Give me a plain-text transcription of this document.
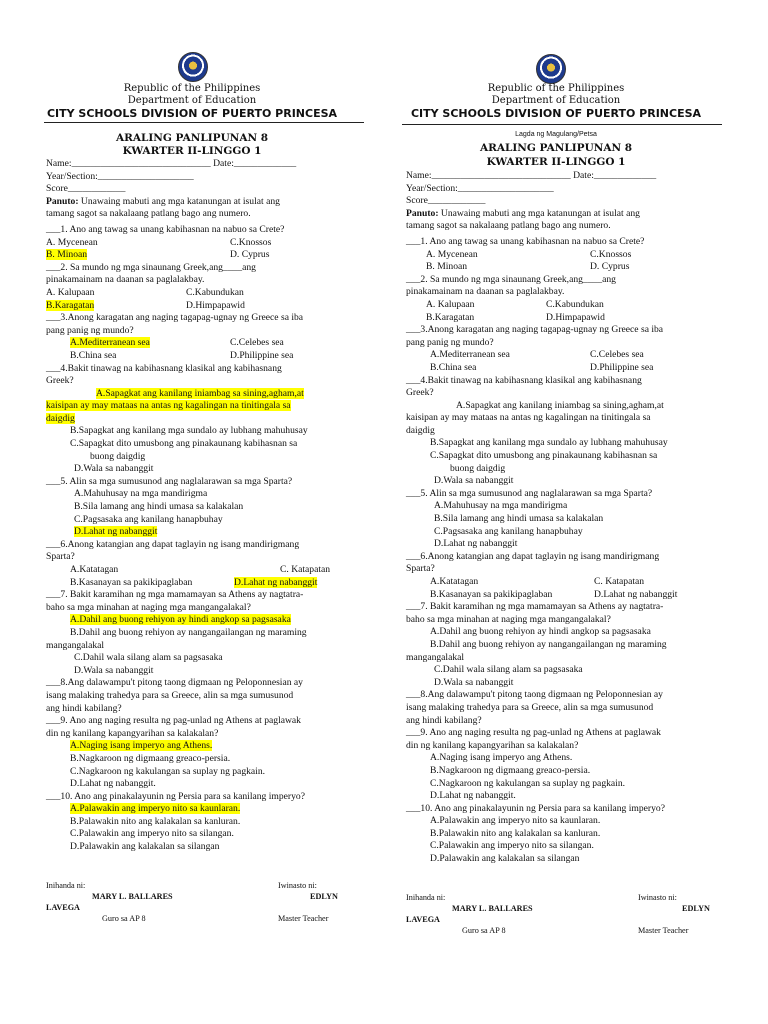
Republic of the Philippines
Department of Education
CITY SCHOOLS DIVISION OF PUERTO PRINCESA
ARALING PANLIPUNAN 8
KWARTER II-LINGGO 1

Name:_____________________________ Date:_____________

Year/Section:____________________

Score____________

Panuto: Unawaing mabuti ang mga katanungan at isulat ang

tamang sagot sa nakalaang patlang bago ang numero.

___1. Ano ang tawag sa unang kabihasnan na nabuo sa Crete?

A. Mycenean	C.Knossos

B. Minoan	D. Cyprus

___2. Sa mundo ng mga sinaunang Greek,ang____ang

pinakamainam na daanan sa paglalakbay.

A. Kalupaan	C.Kabundukan

B.Karagatan	D.Himpapawid

___3.Anong karagatan ang naging tagapag-ugnay ng Greece sa iba

pang panig ng mundo?

A.Mediterranean sea	C.Celebes sea

B.China sea	D.Philippine sea

___4.Bakit tinawag na kabihasnang klasikal ang kabihasnang

Greek?

A.Sapagkat ang kanilang iniambag sa sining,agham,at

kaisipan ay may mataas na antas ng kagalingan na tinitingala sa

daigdig

B.Sapagkat ang kanilang mga sundalo ay lubhang mahuhusay

C.Sapagkat dito umusbong ang pinakaunang kabihasnan sa

buong daigdig

D.Wala sa nabanggit

___5. Alin sa mga sumusunod ang naglalarawan sa mga Sparta?

A.Mahuhusay na mga mandirigma

B.Sila lamang ang hindi umasa sa kalakalan

C.Pagsasaka ang kanilang hanapbuhay

D.Lahat ng nabanggit

___6.Anong katangian ang dapat taglayin ng isang mandirigmang

Sparta?

A.Katatagan	C. Katapatan

B.Kasanayan sa pakikipaglaban	D.Lahat ng nabanggit

___7. Bakit karamihan ng mga mamamayan sa Athens ay nagtatra-

baho sa mga minahan at naging mga mangangalakal?

A.Dahil ang buong rehiyon ay hindi angkop sa pagsasaka

B.Dahil ang buong rehiyon ay nangangailangan ng maraming

mangangalakal

C.Dahil wala silang alam sa pagsasaka

D.Wala sa nabanggit

___8.Ang dalawampu't pitong taong digmaan ng Peloponnesian ay

isang malaking trahedya para sa Greece, alin sa mga sumusunod

ang hindi kabilang?

___9. Ano ang naging resulta ng pag-unlad ng Athens at paglawak

din ng kanilang kapangyarihan sa kalakalan?

A.Naging isang imperyo ang Athens.

B.Nagkaroon ng digmaang greaco-persia.

C.Nagkaroon ng kakulangan sa suplay ng pagkain.

D.Lahat ng nabanggit.

___10. Ano ang pinakalayunin ng Persia para sa kanilang imperyo?

A.Palawakin ang imperyo nito sa kaunlaran.

B.Palawakin nito ang kalakalan sa kanluran.

C.Palawakin ang imperyo nito sa silangan.

D.Palawakin ang kalakalan sa silangan

Inihanda ni:	Iwinasto ni:

MARY L. BALLARES	EDLYN

LAVEGA

Guro sa AP 8	Master Teacher

Republic of the Philippines
Department of Education
CITY SCHOOLS DIVISION OF PUERTO PRINCESA
Lagda ng Magulang/Petsa
ARALING PANLIPUNAN 8
KWARTER II-LINGGO 1

Name:_____________________________ Date:_____________

Year/Section:____________________

Score____________

Panuto: Unawaing mabuti ang mga katanungan at isulat ang

tamang sagot sa nakalaang patlang bago ang numero.

___1. Ano ang tawag sa unang kabihasnan na nabuo sa Crete?

A. Mycenean	C.Knossos

B. Minoan	D. Cyprus

___2. Sa mundo ng mga sinaunang Greek,ang____ang

pinakamainam na daanan sa paglalakbay.

A. Kalupaan	C.Kabundukan

B.Karagatan	D.Himpapawid

___3.Anong karagatan ang naging tagapag-ugnay ng Greece sa iba

pang panig ng mundo?

A.Mediterranean sea	C.Celebes sea

B.China sea	D.Philippine sea

___4.Bakit tinawag na kabihasnang klasikal ang kabihasnang

Greek?

A.Sapagkat ang kanilang iniambag sa sining,agham,at

kaisipan ay may mataas na antas ng kagalingan na tinitingala sa

daigdig

B.Sapagkat ang kanilang mga sundalo ay lubhang mahuhusay

C.Sapagkat dito umusbong ang pinakaunang kabihasnan sa

buong daigdig

D.Wala sa nabanggit

___5. Alin sa mga sumusunod ang naglalarawan sa mga Sparta?

A.Mahuhusay na mga mandirigma

B.Sila lamang ang hindi umasa sa kalakalan

C.Pagsasaka ang kanilang hanapbuhay

D.Lahat ng nabanggit

___6.Anong katangian ang dapat taglayin ng isang mandirigmang

Sparta?

A.Katatagan	C. Katapatan

B.Kasanayan sa pakikipaglaban	D.Lahat ng nabanggit

___7. Bakit karamihan ng mga mamamayan sa Athens ay nagtatra-

baho sa mga minahan at naging mga mangangalakal?

A.Dahil ang buong rehiyon ay hindi angkop sa pagsasaka

B.Dahil ang buong rehiyon ay nangangailangan ng maraming

mangangalakal

C.Dahil wala silang alam sa pagsasaka

D.Wala sa nabanggit

___8.Ang dalawampu't pitong taong digmaan ng Peloponnesian ay

isang malaking trahedya para sa Greece, alin sa mga sumusunod

ang hindi kabilang?

___9. Ano ang naging resulta ng pag-unlad ng Athens at paglawak

din ng kanilang kapangyarihan sa kalakalan?

A.Naging isang imperyo ang Athens.

B.Nagkaroon ng digmaang greaco-persia.

C.Nagkaroon ng kakulangan sa suplay ng pagkain.

D.Lahat ng nabanggit.

___10. Ano ang pinakalayunin ng Persia para sa kanilang imperyo?

A.Palawakin ang imperyo nito sa kaunlaran.

B.Palawakin nito ang kalakalan sa kanluran.

C.Palawakin ang imperyo nito sa silangan.

D.Palawakin ang kalakalan sa silangan

Inihanda ni:	Iwinasto ni:

MARY L. BALLARES	EDLYN

LAVEGA

Guro sa AP 8	Master Teacher
